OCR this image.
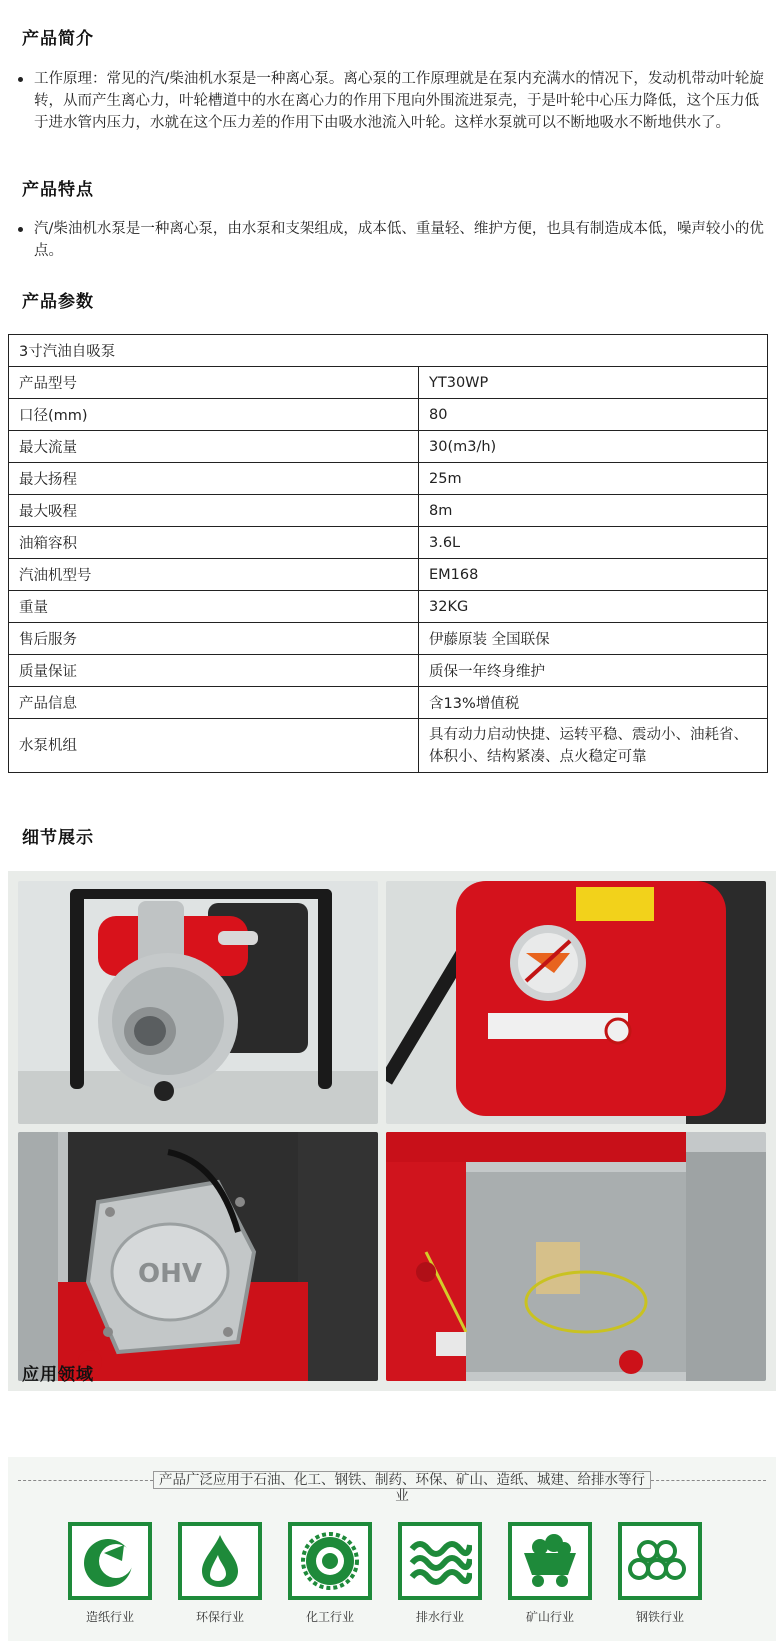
产品简介
工作原理：常见的汽/柴油机水泵是一种离心泵。离心泵的工作原理就是在泵内充满水的情况下，发动机带动叶轮旋转，从而产生离心力，叶轮槽道中的水在离心力的作用下甩向外围流进泵壳，于是叶轮中心压力降低，这个压力低于进水管内压力，水就在这个压力差的作用下由吸水池流入叶轮。这样水泵就可以不断地吸水不断地供水了。
产品特点
汽/柴油机水泵是一种离心泵，由水泵和支架组成，成本低、重量轻、维护方便，也具有制造成本低，噪声较小的优点。
产品参数
3寸汽油自吸泵	
产品型号	YT30WP
口径(mm)	80
最大流量	30(m3/h)
最大扬程	25m
最大吸程	8m
油箱容积	3.6L
汽油机型号	EM168
重量	32KG
售后服务	伊藤原装 全国联保
质量保证	质保一年终身维护
产品信息	含13%增值税
水泵机组	具有动力启动快捷、运转平稳、震动小、油耗省、体积小、结构紧凑、点火稳定可靠
细节展示
OHV
应用领域
产品广泛应用于石油、化工、钢铁、制药、环保、矿山、造纸、城建、给排水等行业
造纸行业	环保行业	化工行业	排水行业	矿山行业	钢铁行业
